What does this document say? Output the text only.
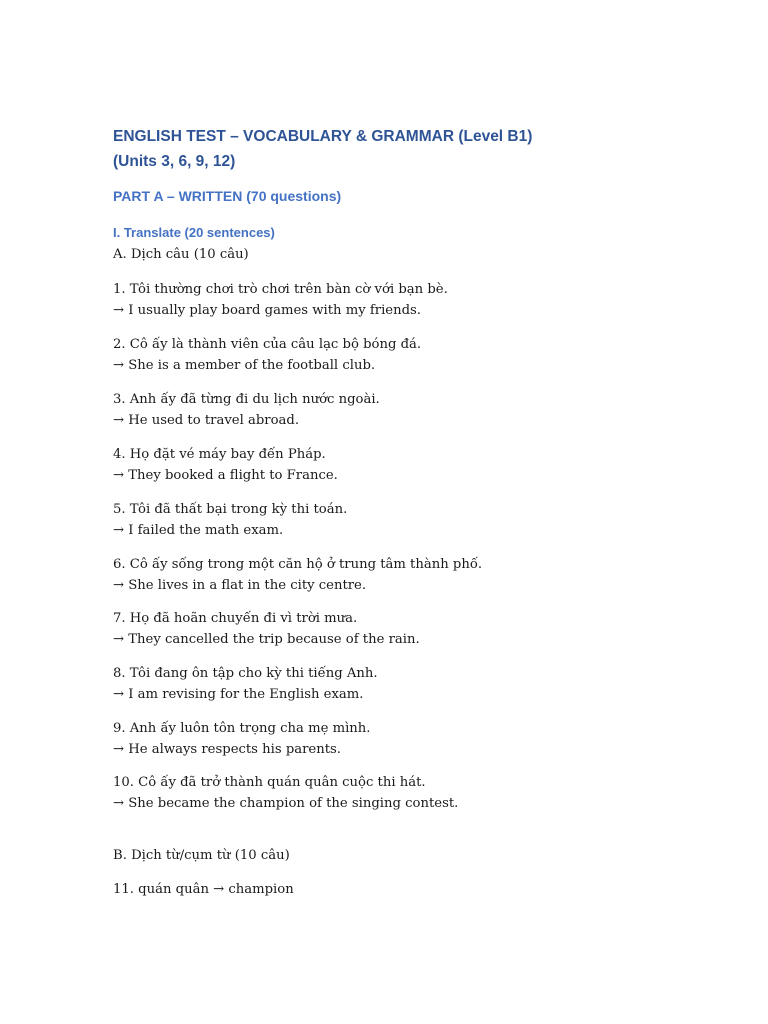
ENGLISH TEST – VOCABULARY & GRAMMAR (Level B1)
(Units 3, 6, 9, 12)
PART A – WRITTEN (70 questions)
I. Translate (20 sentences)
A. Dịch câu (10 câu)
1. Tôi thường chơi trò chơi trên bàn cờ với bạn bè.
→ I usually play board games with my friends.
2. Cô ấy là thành viên của câu lạc bộ bóng đá.
→ She is a member of the football club.
3. Anh ấy đã từng đi du lịch nước ngoài.
→ He used to travel abroad.
4. Họ đặt vé máy bay đến Pháp.
→ They booked a flight to France.
5. Tôi đã thất bại trong kỳ thi toán.
→ I failed the math exam.
6. Cô ấy sống trong một căn hộ ở trung tâm thành phố.
→ She lives in a flat in the city centre.
7. Họ đã hoãn chuyến đi vì trời mưa.
→ They cancelled the trip because of the rain.
8. Tôi đang ôn tập cho kỳ thi tiếng Anh.
→ I am revising for the English exam.
9. Anh ấy luôn tôn trọng cha mẹ mình.
→ He always respects his parents.
10. Cô ấy đã trở thành quán quân cuộc thi hát.
→ She became the champion of the singing contest.
B. Dịch từ/cụm từ (10 câu)
11. quán quân → champion
